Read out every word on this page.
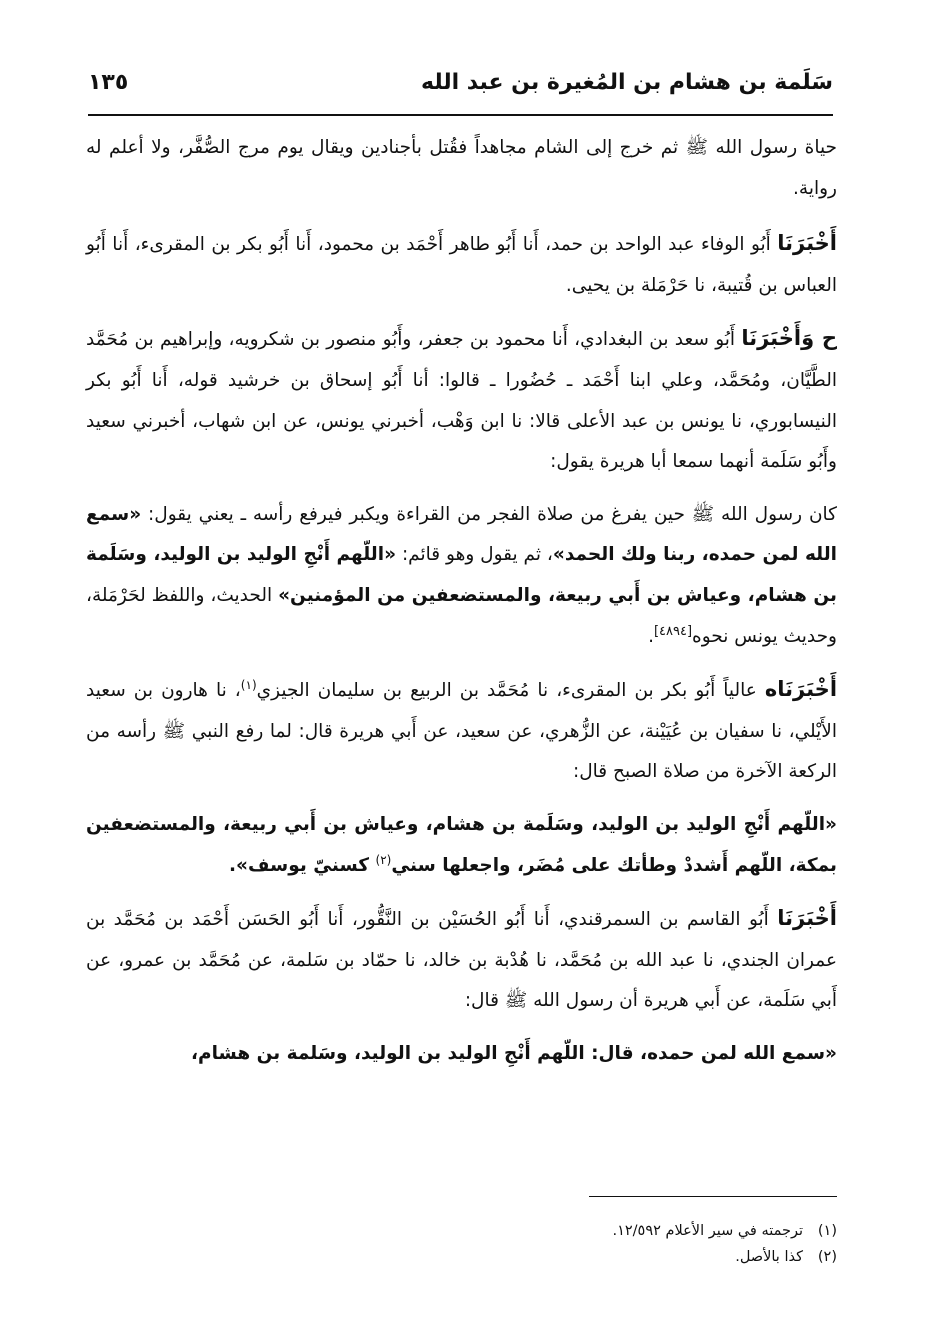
سَلَمة بن هشام بن المُغيرة بن عبد الله
١٣٥

حياة رسول الله ﷺ ثم خرج إلى الشام مجاهداً فقُتل بأجنادين ويقال يوم مرج الصُّفَّر، ولا أعلم له رواية.

أَخْبَرَنَا أَبُو الوفاء عبد الواحد بن حمد، أَنا أَبُو طاهر أَحْمَد بن محمود، أَنا أَبُو بكر بن المقرىء، أَنا أَبُو العباس بن قُتيبة، نا حَرْمَلة بن يحيى.

ح وَأَخْبَرَنَا أَبُو سعد بن البغدادي، أَنا محمود بن جعفر، وأَبُو منصور بن شكرويه، وإبراهيم بن مُحَمَّد الطَّيَّان، ومُحَمَّد، وعلي ابنا أَحْمَد ـ حُضُورا ـ قالوا: أنا أَبُو إسحاق بن خرشيد قوله، أَنا أَبُو بكر النيسابوري، نا يونس بن عبد الأعلى قالا: نا ابن وَهْب، أخبرني يونس، عن ابن شهاب، أخبرني سعيد وأَبُو سَلَمة أنهما سمعا أبا هريرة يقول:

كان رسول الله ﷺ حين يفرغ من صلاة الفجر من القراءة ويكبر فيرفع رأسه ـ يعني يقول: «سمع الله لمن حمده، ربنا ولك الحمد»، ثم يقول وهو قائم: «اللّهم أَنْجِ الوليد بن الوليد، وسَلَمة بن هشام، وعياش بن أَبي ربيعة، والمستضعفين من المؤمنين» الحديث، واللفظ لحَرْمَلة، وحديث يونس نحوه[٤٨٩٤].

أَخْبَرَنَاه عالياً أَبُو بكر بن المقرىء، نا مُحَمَّد بن الربيع بن سليمان الجيزي$^{(١)}$، نا هارون بن سعيد الأَيْلي، نا سفيان بن عُيَيْنة، عن الزُّهري، عن سعيد، عن أَبي هريرة قال: لما رفع النبي ﷺ رأسه من الركعة الآخرة من صلاة الصبح قال:

«اللّهم أَنْجِ الوليد بن الوليد، وسَلَمة بن هشام، وعياش بن أَبي ربيعة، والمستضعفين بمكة، اللّهم أَشددْ وطأتك على مُضَر، واجعلها سني$^{(٢)}$ كسنيّ يوسف».

أَخْبَرَنَا أَبُو القاسم بن السمرقندي، أَنا أَبُو الحُسَيْن بن النَّقُّور، أَنا أَبُو الحَسَن أَحْمَد بن مُحَمَّد بن عمران الجندي، نا عبد الله بن مُحَمَّد، نا هُدْبة بن خالد، نا حمّاد بن سَلمة، عن مُحَمَّد بن عمرو، عن أَبي سَلَمة، عن أَبي هريرة أن رسول الله ﷺ قال:

«سمع الله لمن حمده، قال: اللّهم أَنْجِ الوليد بن الوليد، وسَلمة بن هشام،

(١)ترجمته في سير الأعلام ١٢/٥٩٢.
(٢)كذا بالأصل.
